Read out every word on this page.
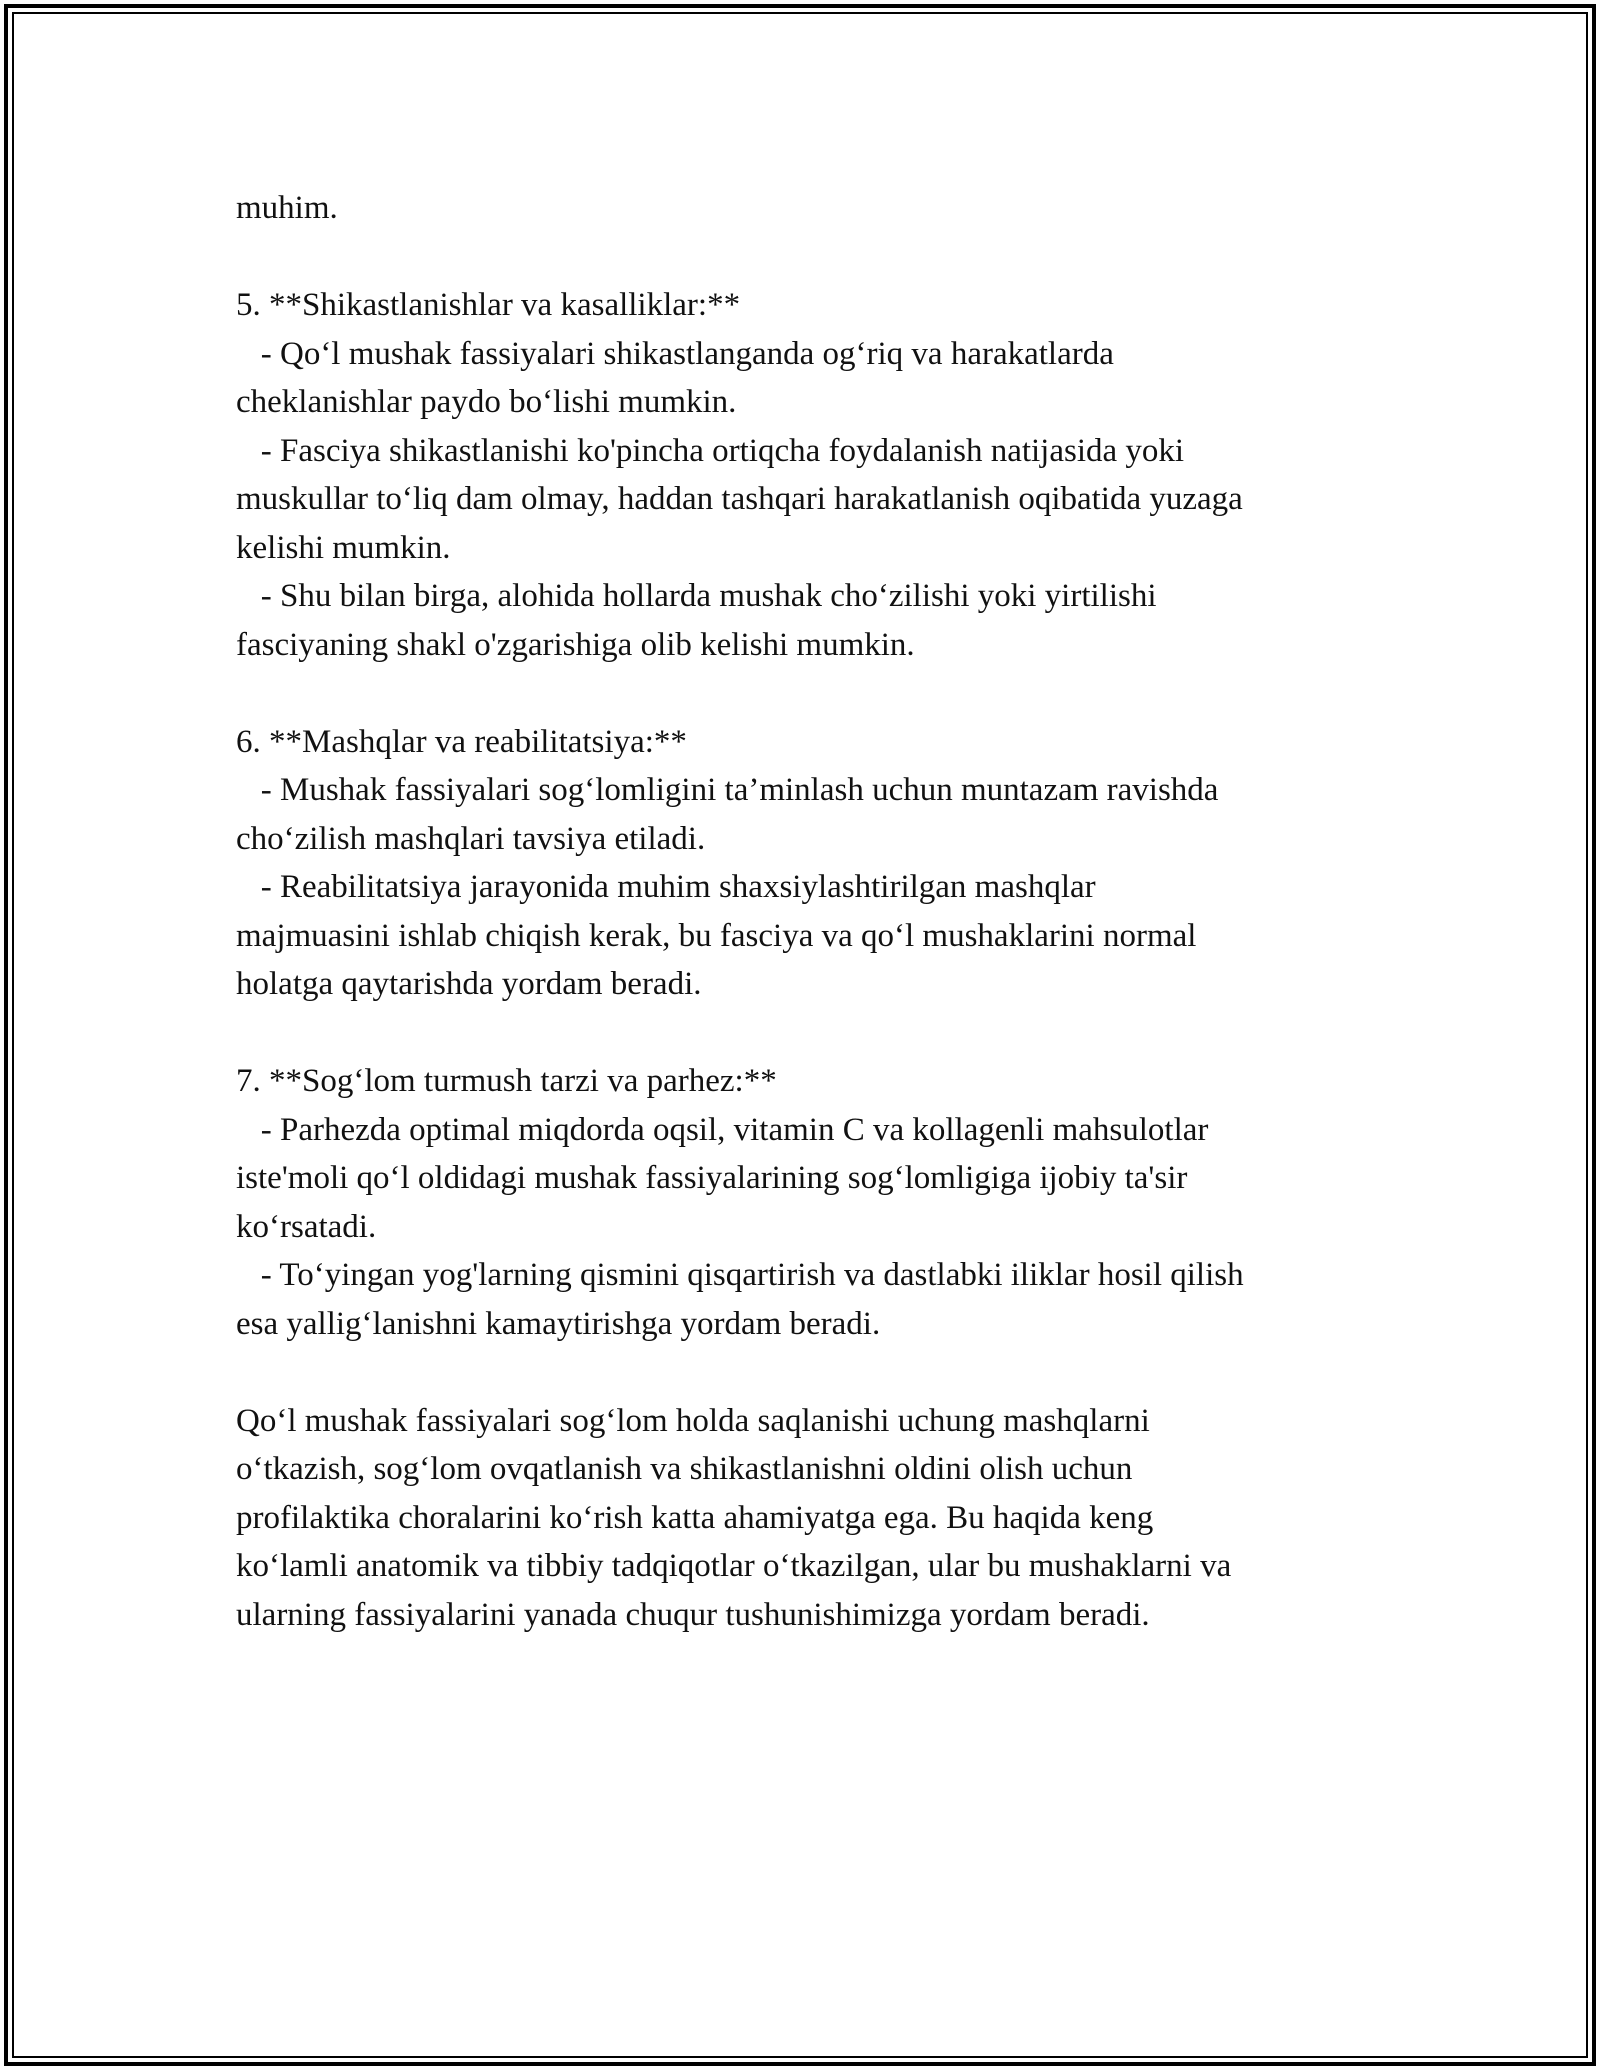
muhim.
5. **Shikastlanishlar va kasalliklar:**
- Qo‘l mushak fassiyalari shikastlanganda og‘riq va harakatlarda
cheklanishlar paydo bo‘lishi mumkin.
- Fasciya shikastlanishi ko'pincha ortiqcha foydalanish natijasida yoki
muskullar to‘liq dam olmay, haddan tashqari harakatlanish oqibatida yuzaga
kelishi mumkin.
- Shu bilan birga, alohida hollarda mushak cho‘zilishi yoki yirtilishi
fasciyaning shakl o'zgarishiga olib kelishi mumkin.
6. **Mashqlar va reabilitatsiya:**
- Mushak fassiyalari sog‘lomligini ta’minlash uchun muntazam ravishda
cho‘zilish mashqlari tavsiya etiladi.
- Reabilitatsiya jarayonida muhim shaxsiylashtirilgan mashqlar
majmuasini ishlab chiqish kerak, bu fasciya va qo‘l mushaklarini normal
holatga qaytarishda yordam beradi.
7. **Sog‘lom turmush tarzi va parhez:**
- Parhezda optimal miqdorda oqsil, vitamin C va kollagenli mahsulotlar
iste'moli qo‘l oldidagi mushak fassiyalarining sog‘lomligiga ijobiy ta'sir
ko‘rsatadi.
- To‘yingan yog'larning qismini qisqartirish va dastlabki iliklar hosil qilish
esa yallig‘lanishni kamaytirishga yordam beradi.
Qo‘l mushak fassiyalari sog‘lom holda saqlanishi uchung mashqlarni
o‘tkazish, sog‘lom ovqatlanish va shikastlanishni oldini olish uchun
profilaktika choralarini ko‘rish katta ahamiyatga ega. Bu haqida keng
ko‘lamli anatomik va tibbiy tadqiqotlar o‘tkazilgan, ular bu mushaklarni va
ularning fassiyalarini yanada chuqur tushunishimizga yordam beradi.
